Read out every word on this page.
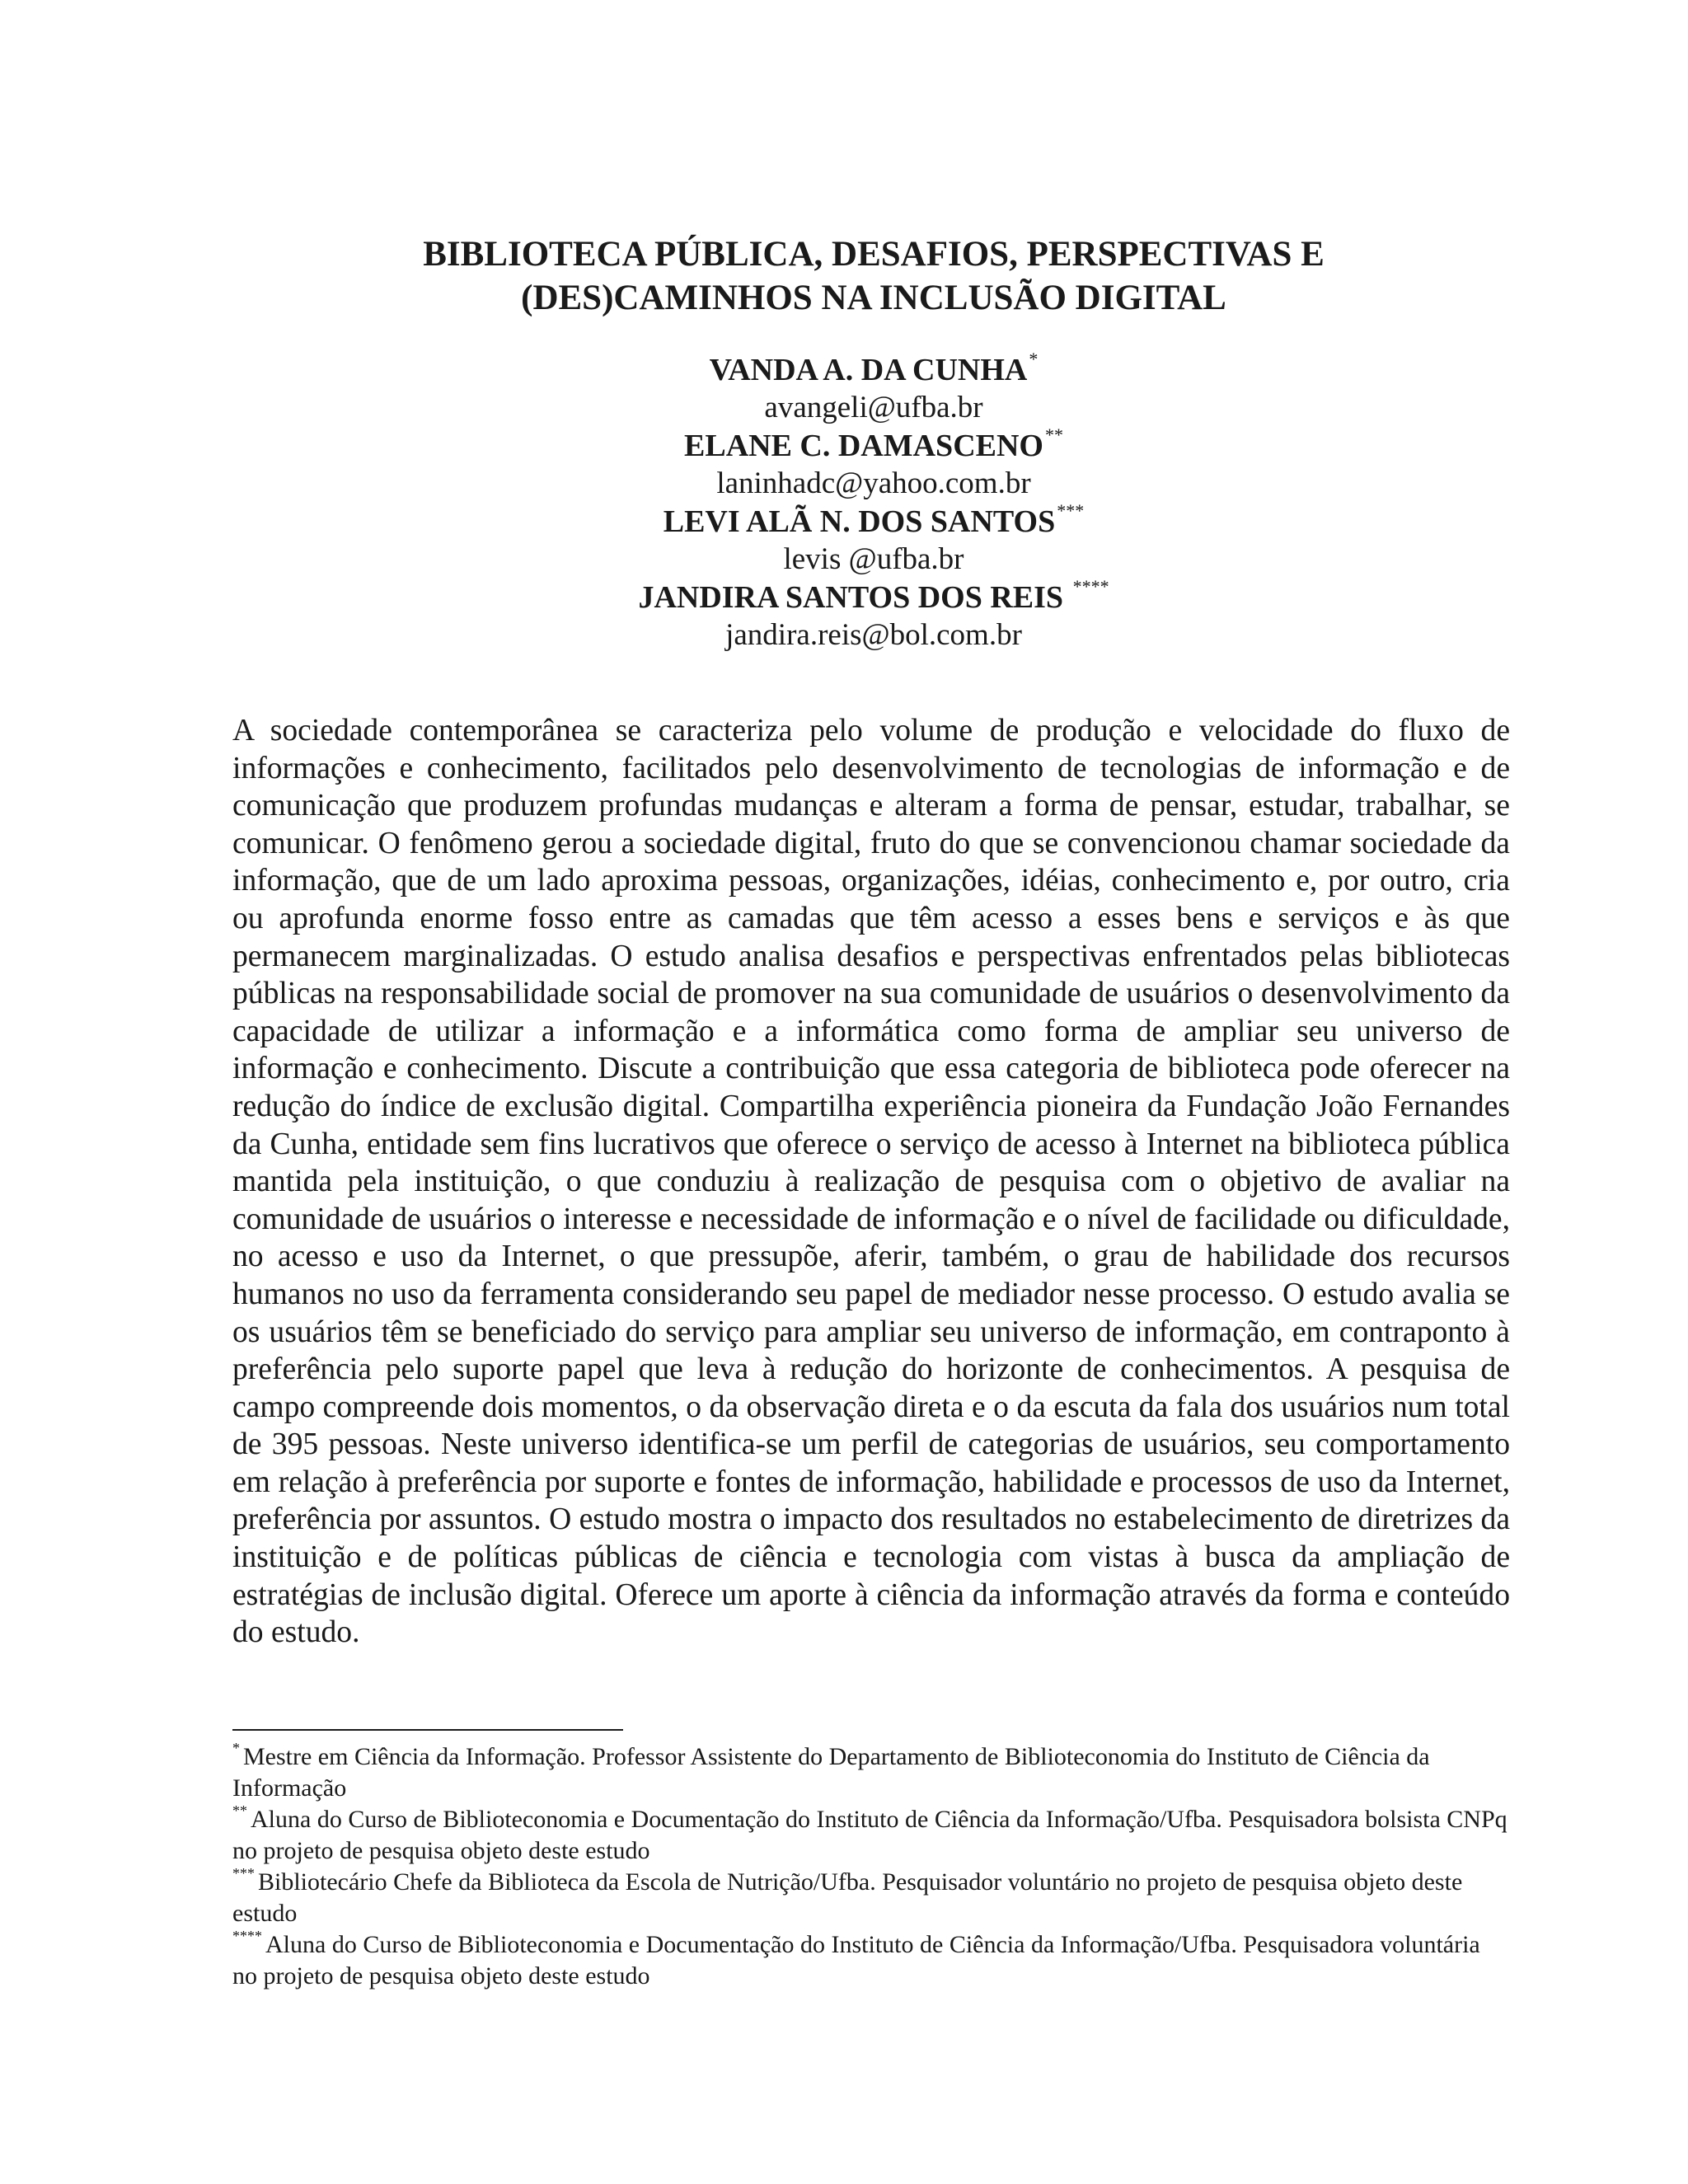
BIBLIOTECA PÚBLICA, DESAFIOS, PERSPECTIVAS E
(DES)CAMINHOS NA INCLUSÃO DIGITAL
VANDA A. DA CUNHA*
avangeli@ufba.br
ELANE C. DAMASCENO**
laninhadc@yahoo.com.br
LEVI ALÃ N. DOS SANTOS***
levis @ufba.br
JANDIRA SANTOS DOS REIS ****
jandira.reis@bol.com.br

A sociedade contemporânea se caracteriza pelo volume de produção e velocidade do fluxo de informações e conhecimento, facilitados pelo desenvolvimento de tecnologias de informação e de comunicação que produzem profundas mudanças e alteram a forma de pensar, estudar, trabalhar, se comunicar. O fenômeno gerou a sociedade digital, fruto do que se convencionou chamar sociedade da informação, que de um lado aproxima pessoas, organizações, idéias, conhecimento e, por outro, cria ou aprofunda enorme fosso entre as camadas que têm acesso a esses bens e serviços e às que permanecem marginalizadas. O estudo analisa desafios e perspectivas enfrentados pelas bibliotecas públicas na responsabilidade social de promover na sua comunidade de usuários o desenvolvimento da capacidade de utilizar a informação e a informática como forma de ampliar seu universo de informação e conhecimento. Discute a contribuição que essa categoria de biblioteca pode oferecer na redução do índice de exclusão digital. Compartilha experiência pioneira da Fundação João Fernandes da Cunha, entidade sem fins lucrativos que oferece o serviço de acesso à Internet na biblioteca pública mantida pela instituição, o que conduziu à realização de pesquisa com o objetivo de avaliar na comunidade de usuários o interesse e necessidade de informação e o nível de facilidade ou dificuldade, no acesso e uso da Internet, o que pressupõe, aferir, também, o grau de habilidade dos recursos humanos no uso da ferramenta considerando seu papel de mediador nesse processo. O estudo avalia se os usuários têm se beneficiado do serviço para ampliar seu universo de informação, em contraponto à preferência pelo suporte papel que leva à redução do horizonte de conhecimentos. A pesquisa de campo compreende dois momentos, o da observação direta e o da escuta da fala dos usuários num total de 395 pessoas. Neste universo identifica-se um perfil de categorias de usuários, seu comportamento em relação à preferência por suporte e fontes de informação, habilidade e processos de uso da Internet, preferência por assuntos. O estudo mostra o impacto dos resultados no estabelecimento de diretrizes da instituição e de políticas públicas de ciência e tecnologia com vistas à busca da ampliação de estratégias de inclusão digital. Oferece um aporte à ciência da informação através da forma e conteúdo do estudo.

* Mestre em Ciência da Informação. Professor Assistente do Departamento de Biblioteconomia do Instituto de Ciência da Informação

** Aluna do Curso de Biblioteconomia e Documentação do Instituto de Ciência da Informação/Ufba. Pesquisadora bolsista CNPq no projeto de pesquisa objeto deste estudo

*** Bibliotecário Chefe da Biblioteca da Escola de Nutrição/Ufba. Pesquisador voluntário no projeto de pesquisa objeto deste estudo

**** Aluna do Curso de Biblioteconomia e Documentação do Instituto de Ciência da Informação/Ufba. Pesquisadora voluntária no projeto de pesquisa objeto deste estudo
